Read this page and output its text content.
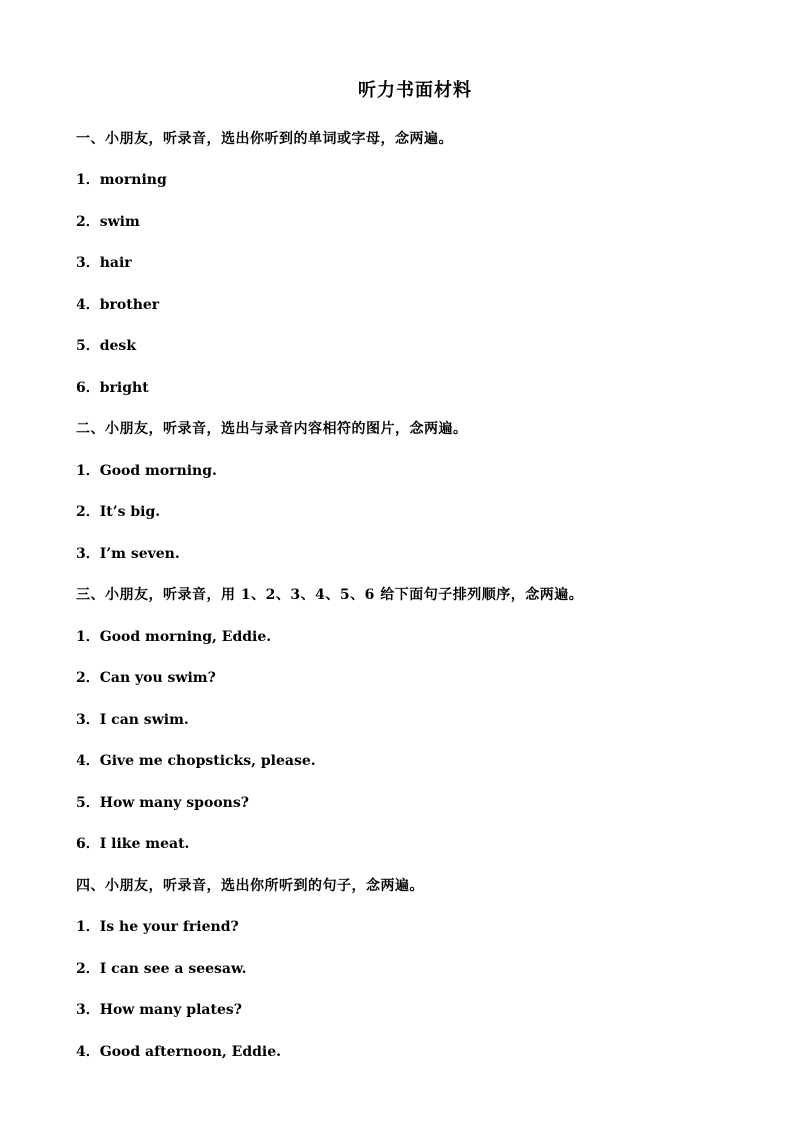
听力书面材料
一、小朋友，听录音，选出你听到的单词或字母，念两遍。
1．morning
2．swim
3．hair
4．brother
5．desk
6．bright
二、小朋友，听录音，选出与录音内容相符的图片，念两遍。
1．Good morning.
2．It’s big.
3．I’m seven.
三、小朋友，听录音，用 1、2、3、4、5、6 给下面句子排列顺序，念两遍。
1．Good morning, Eddie.
2．Can you swim?
3．I can swim.
4．Give me chopsticks, please.
5．How many spoons?
6．I like meat.
四、小朋友，听录音，选出你所听到的句子，念两遍。
1．Is he your friend?
2．I can see a seesaw.
3．How many plates?
4．Good afternoon, Eddie.
